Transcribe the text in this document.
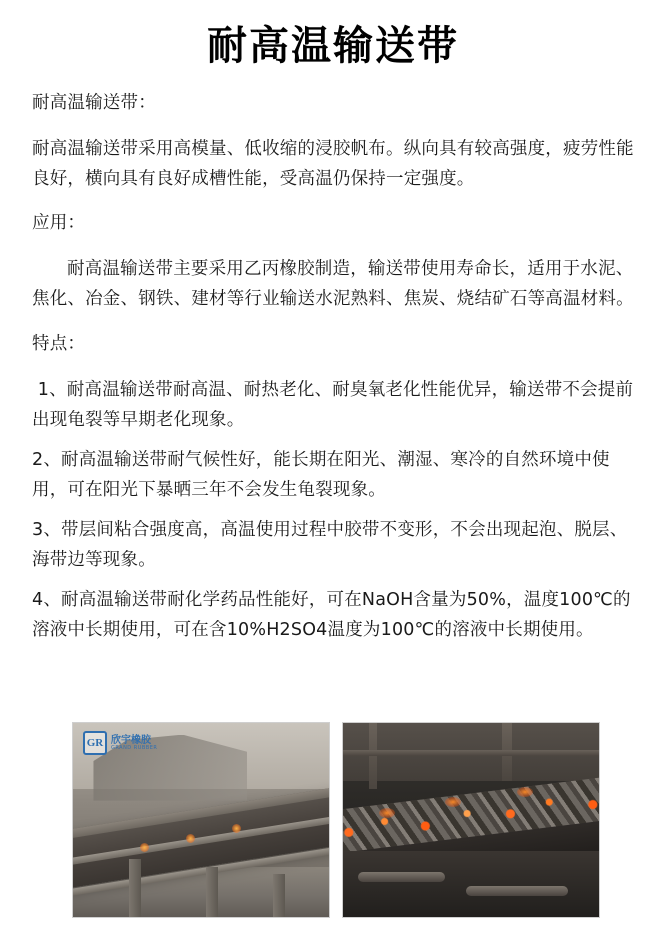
耐高温输送带

耐高温输送带：

耐高温输送带采用高模量、低收缩的浸胶帆布。纵向具有较高强度，疲劳性能良好，横向具有良好成槽性能，受高温仍保持一定强度。

应用：

耐高温输送带主要采用乙丙橡胶制造，输送带使用寿命长，适用于水泥、焦化、冶金、钢铁、建材等行业输送水泥熟料、焦炭、烧结矿石等高温材料。

特点：

1、耐高温输送带耐高温、耐热老化、耐臭氧老化性能优异，输送带不会提前出现龟裂等早期老化现象。

2、耐高温输送带耐气候性好，能长期在阳光、潮湿、寒冷的自然环境中使用，可在阳光下暴晒三年不会发生龟裂现象。

3、带层间粘合强度高，高温使用过程中胶带不变形，不会出现起泡、脱层、海带边等现象。

4、耐高温输送带耐化学药品性能好，可在NaOH含量为50%，温度100℃的溶液中长期使用，可在含10%H2SO4温度为100℃的溶液中长期使用。

GR 欣宇橡胶
GRAND RUBBER
